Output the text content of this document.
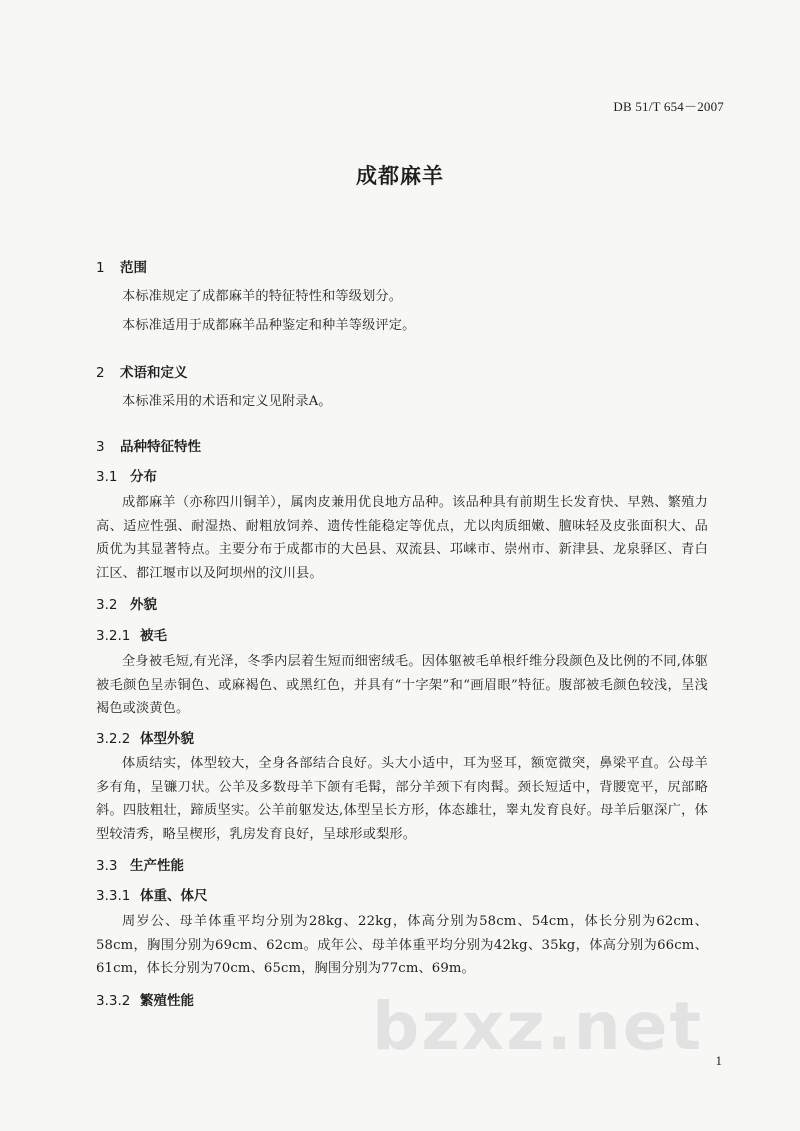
DB 51/T 654－2007
成都麻羊
1 范围
本标准规定了成都麻羊的特征特性和等级划分。
本标准适用于成都麻羊品种鉴定和种羊等级评定。
2 术语和定义
本标准采用的术语和定义见附录A。
3 品种特征特性
3.1 分布
成都麻羊（亦称四川铜羊），属肉皮兼用优良地方品种。该品种具有前期生长发育快、早熟、繁殖力高、适应性强、耐湿热、耐粗放饲养、遗传性能稳定等优点，尤以肉质细嫩、膻味轻及皮张面积大、品质优为其显著特点。主要分布于成都市的大邑县、双流县、邛崃市、崇州市、新津县、龙泉驿区、青白江区、都江堰市以及阿坝州的汶川县。
3.2 外貌
3.2.1 被毛
全身被毛短,有光泽，冬季内层着生短而细密绒毛。因体躯被毛单根纤维分段颜色及比例的不同,体躯被毛颜色呈赤铜色、或麻褐色、或黑红色，并具有“十字架”和“画眉眼”特征。腹部被毛颜色较浅，呈浅褐色或淡黄色。
3.2.2 体型外貌
体质结实，体型较大，全身各部结合良好。头大小适中，耳为竖耳，额宽微突，鼻梁平直。公母羊多有角，呈镰刀状。公羊及多数母羊下颌有毛髯，部分羊颈下有肉髯。颈长短适中，背腰宽平，尻部略斜。四肢粗壮，蹄质坚实。公羊前躯发达,体型呈长方形，体态雄壮，睾丸发育良好。母羊后躯深广，体型较清秀，略呈楔形，乳房发育良好，呈球形或梨形。
3.3 生产性能
3.3.1 体重、体尺
周岁公、母羊体重平均分别为28kg、22kg，体高分别为58cm、54cm，体长分别为62cm、58cm，胸围分别为69cm、62cm。成年公、母羊体重平均分别为42kg、35kg，体高分别为66cm、61cm，体长分别为70cm、65cm，胸围分别为77cm、69m。
3.3.2 繁殖性能	bzxz.net 1
